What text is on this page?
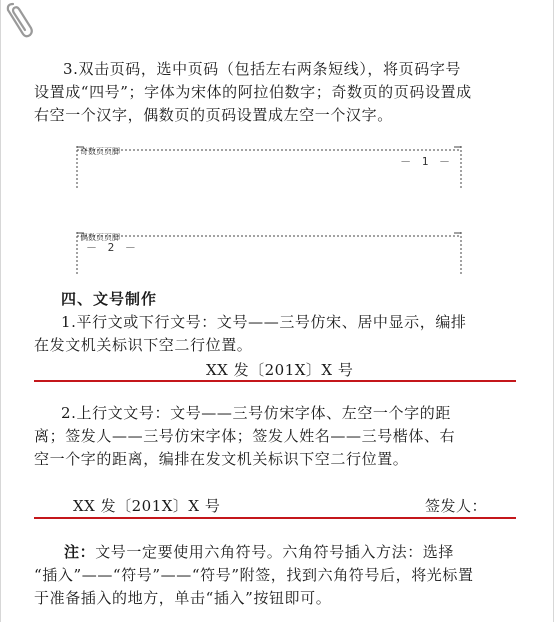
3.双击页码，选中页码（包括左右两条短线），将页码字号
设置成“四号”；字体为宋体的阿拉伯数字；奇数页的页码设置成
右空一个汉字，偶数页的页码设置成左空一个汉字。
奇数页页脚
－ 1 －
偶数页页脚
－ 2 －
四、文号制作
1.平行文或下行文号：文号——三号仿宋、居中显示，编排
在发文机关标识下空二行位置。
XX 发〔201X〕X 号
2.上行文文号：文号——三号仿宋字体、左空一个字的距
离；签发人——三号仿宋字体；签发人姓名——三号楷体、右
空一个字的距离，编排在发文机关标识下空二行位置。
XX 发〔201X〕X 号	签发人：
注：文号一定要使用六角符号。六角符号插入方法：选择
“插入”——“符号”——“符号”附签，找到六角符号后，将光标置
于准备插入的地方，单击“插入”按钮即可。
